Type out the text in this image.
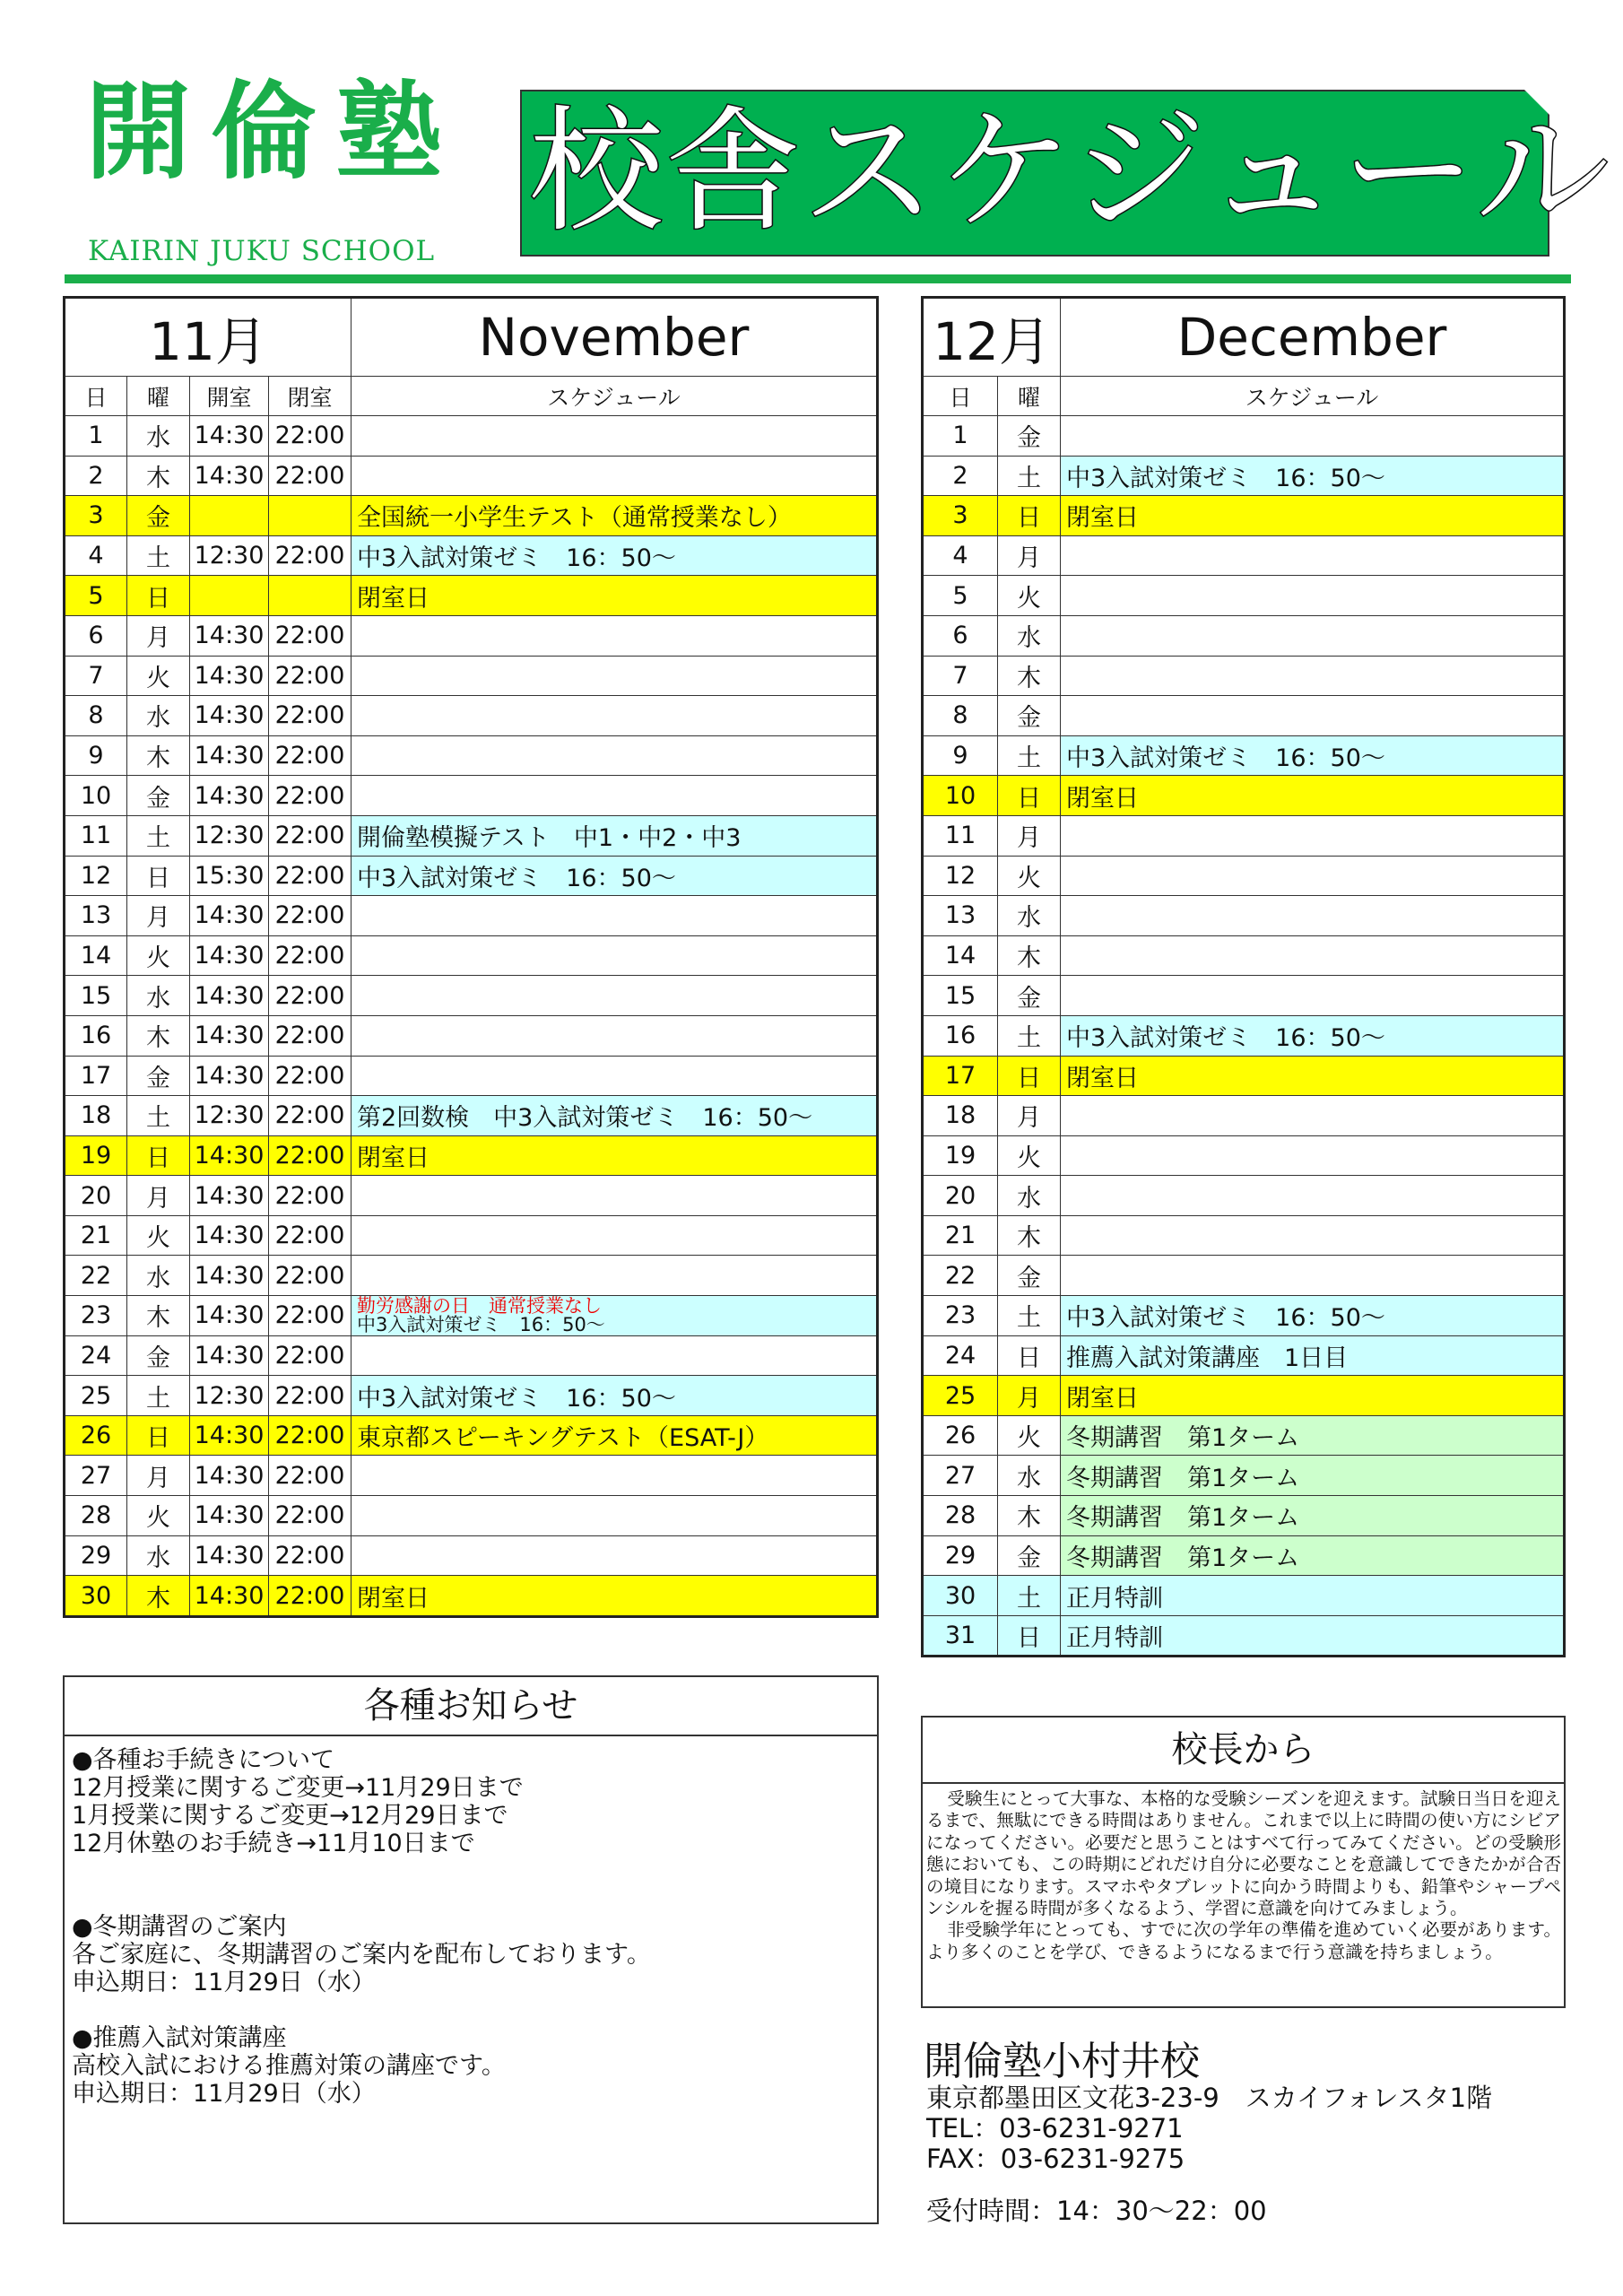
開倫塾
KAIRIN JUKU SCHOOL
校舎スケジュール
11月				November
日	曜	開室	閉室	スケジュール
1	水	14:30	22:00	
2	木	14:30	22:00	
3	金			全国統一小学生テスト（通常授業なし）
4	土	12:30	22:00	中3入試対策ゼミ　16：50～
5	日			閉室日
6	月	14:30	22:00	
7	火	14:30	22:00	
8	水	14:30	22:00	
9	木	14:30	22:00	
10	金	14:30	22:00	
11	土	12:30	22:00	開倫塾模擬テスト　中1・中2・中3
12	日	15:30	22:00	中3入試対策ゼミ　16：50～
13	月	14:30	22:00	
14	火	14:30	22:00	
15	水	14:30	22:00	
16	木	14:30	22:00	
17	金	14:30	22:00	
18	土	12:30	22:00	第2回数検　中3入試対策ゼミ　16：50～
19	日	14:30	22:00	閉室日
20	月	14:30	22:00	
21	火	14:30	22:00	
22	水	14:30	22:00	
23	木	14:30	22:00	勤労感謝の日　通常授業なし
中3入試対策ゼミ　16：50～

24	金	14:30	22:00	
25	土	12:30	22:00	中3入試対策ゼミ　16：50～
26	日	14:30	22:00	東京都スピーキングテスト（ESAT-J）
27	月	14:30	22:00	
28	火	14:30	22:00	
29	水	14:30	22:00	
30	木	14:30	22:00	閉室日
12月		December
日	曜	スケジュール
1	金	
2	土	中3入試対策ゼミ　16：50～
3	日	閉室日
4	月	
5	火	
6	水	
7	木	
8	金	
9	土	中3入試対策ゼミ　16：50～
10	日	閉室日
11	月	
12	火	
13	水	
14	木	
15	金	
16	土	中3入試対策ゼミ　16：50～
17	日	閉室日
18	月	
19	火	
20	水	
21	木	
22	金	
23	土	中3入試対策ゼミ　16：50～
24	日	推薦入試対策講座　1日目
25	月	閉室日
26	火	冬期講習　第1ターム
27	水	冬期講習　第1ターム
28	木	冬期講習　第1ターム
29	金	冬期講習　第1ターム
30	土	正月特訓
31	日	正月特訓
各種お知らせ
●各種お手続きについて
12月授業に関するご変更→11月29日まで
1月授業に関するご変更→12月29日まで
12月休塾のお手続き→11月10日まで
●冬期講習のご案内
各ご家庭に、冬期講習のご案内を配布しております。
申込期日：11月29日（水）
●推薦入試対策講座
高校入試における推薦対策の講座です。
申込期日：11月29日（水）
校長から

受験生にとって大事な、本格的な受験シーズンを迎えます。試験日当日を迎えるまで、無駄にできる時間はありません。これまで以上に時間の使い方にシビアになってください。必要だと思うことはすべて行ってみてください。どの受験形態においても、この時期にどれだけ自分に必要なことを意識してできたかが合否の境目になります。スマホやタブレットに向かう時間よりも、鉛筆やシャープペンシルを握る時間が多くなるよう、学習に意識を向けてみましょう。

非受験学年にとっても、すでに次の学年の準備を進めていく必要があります。より多くのことを学び、できるようになるまで行う意識を持ちましょう。

開倫塾小村井校
東京都墨田区文花3-23-9　スカイフォレスタ1階
TEL：03-6231-9271
FAX：03-6231-9275
受付時間：14：30～22：00
